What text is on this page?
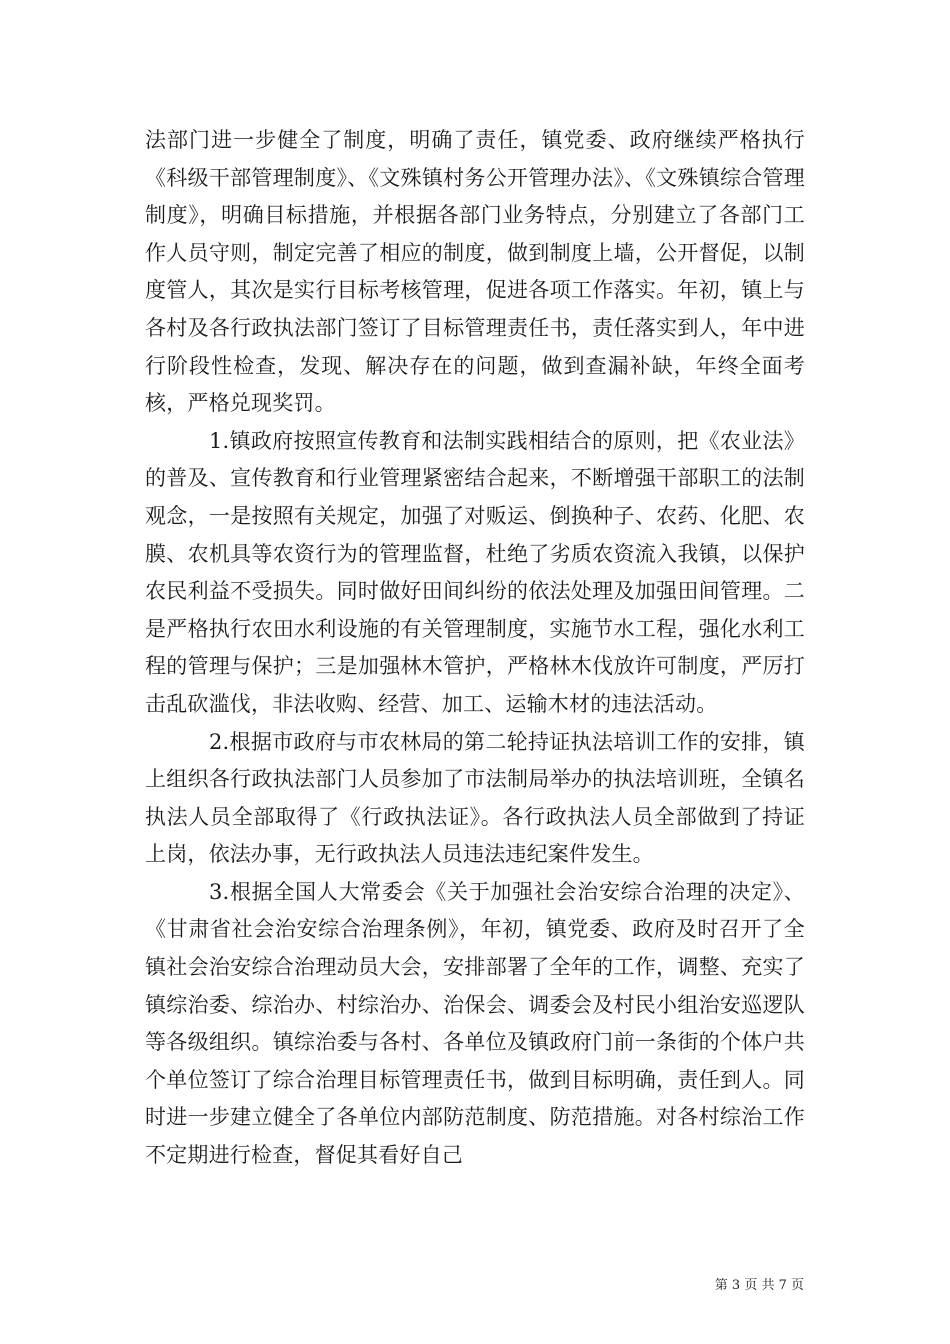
法部门进一步健全了制度，明确了责任，镇党委、政府继续严格执行《科级干部管理制度》、《文殊镇村务公开管理办法》、《文殊镇综合管理制度》，明确目标措施，并根据各部门业务特点，分别建立了各部门工作人员守则，制定完善了相应的制度，做到制度上墙，公开督促，以制度管人，其次是实行目标考核管理，促进各项工作落实。年初，镇上与各村及各行政执法部门签订了目标管理责任书，责任落实到人，年中进行阶段性检查，发现、解决存在的问题，做到查漏补缺，年终全面考核，严格兑现奖罚。

1.镇政府按照宣传教育和法制实践相结合的原则，把《农业法》的普及、宣传教育和行业管理紧密结合起来，不断增强干部职工的法制观念，一是按照有关规定，加强了对贩运、倒换种子、农药、化肥、农膜、农机具等农资行为的管理监督，杜绝了劣质农资流入我镇，以保护农民利益不受损失。同时做好田间纠纷的依法处理及加强田间管理。二是严格执行农田水利设施的有关管理制度，实施节水工程，强化水利工程的管理与保护；三是加强林木管护，严格林木伐放许可制度，严厉打击乱砍滥伐，非法收购、经营、加工、运输木材的违法活动。

2.根据市政府与市农林局的第二轮持证执法培训工作的安排，镇上组织各行政执法部门人员参加了市法制局举办的执法培训班，全镇名执法人员全部取得了《行政执法证》。各行政执法人员全部做到了持证上岗，依法办事，无行政执法人员违法违纪案件发生。

3.根据全国人大常委会《关于加强社会治安综合治理的决定》、《甘肃省社会治安综合治理条例》，年初，镇党委、政府及时召开了全镇社会治安综合治理动员大会，安排部署了全年的工作，调整、充实了镇综治委、综治办、村综治办、治保会、调委会及村民小组治安巡逻队等各级组织。镇综治委与各村、各单位及镇政府门前一条街的个体户共个单位签订了综合治理目标管理责任书，做到目标明确，责任到人。同时进一步建立健全了各单位内部防范制度、防范措施。对各村综治工作不定期进行检查，督促其看好自己

第 3 页 共 7 页
